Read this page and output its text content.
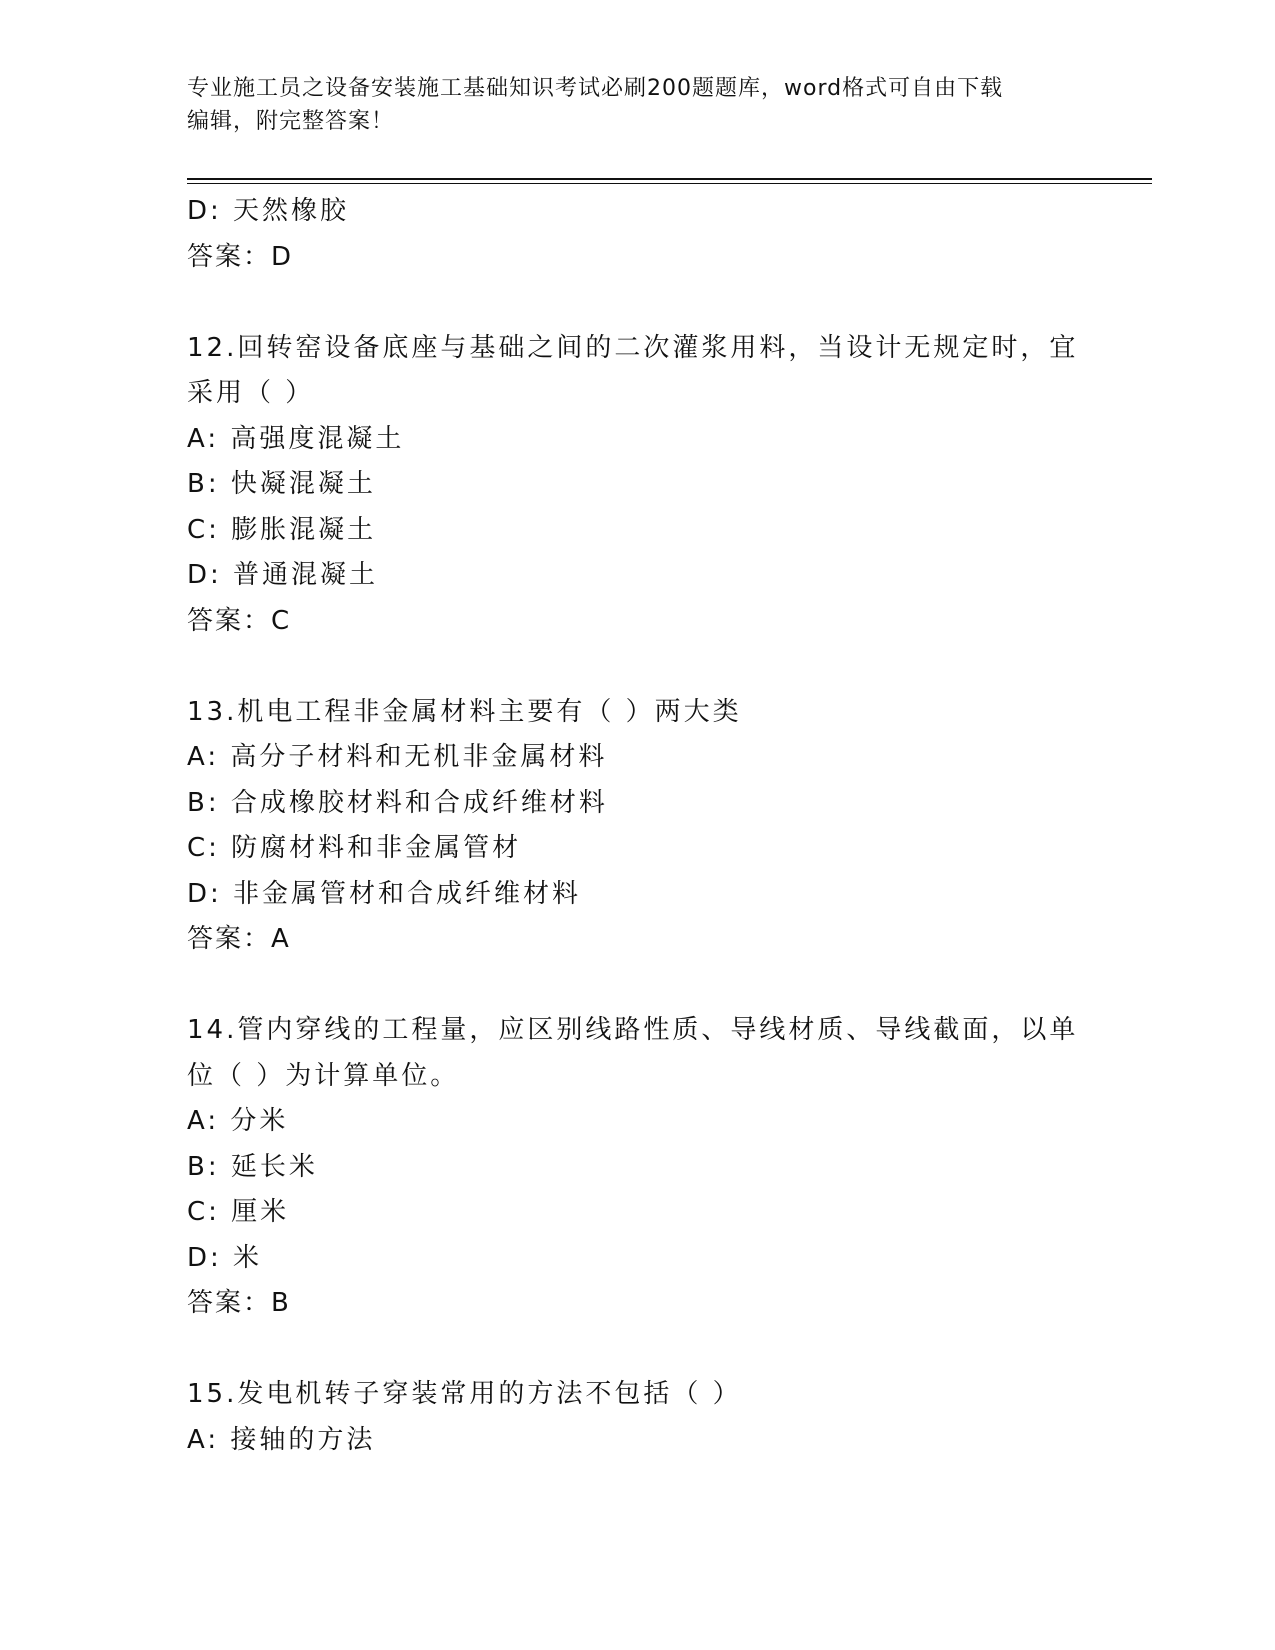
专业施工员之设备安装施工基础知识考试必刷200题题库，word格式可自由下载
编辑，附完整答案！
D: 天然橡胶
答案：D
12.回转窑设备底座与基础之间的二次灌浆用料，当设计无规定时，宜
采用（ ）
A: 高强度混凝土
B: 快凝混凝土
C: 膨胀混凝土
D: 普通混凝土
答案：C
13.机电工程非金属材料主要有（ ）两大类
A: 高分子材料和无机非金属材料
B: 合成橡胶材料和合成纤维材料
C: 防腐材料和非金属管材
D: 非金属管材和合成纤维材料
答案：A
14.管内穿线的工程量，应区别线路性质、导线材质、导线截面，以单
位（ ）为计算单位。
A: 分米
B: 延长米
C: 厘米
D: 米
答案：B
15.发电机转子穿装常用的方法不包括（ ）
A: 接轴的方法
